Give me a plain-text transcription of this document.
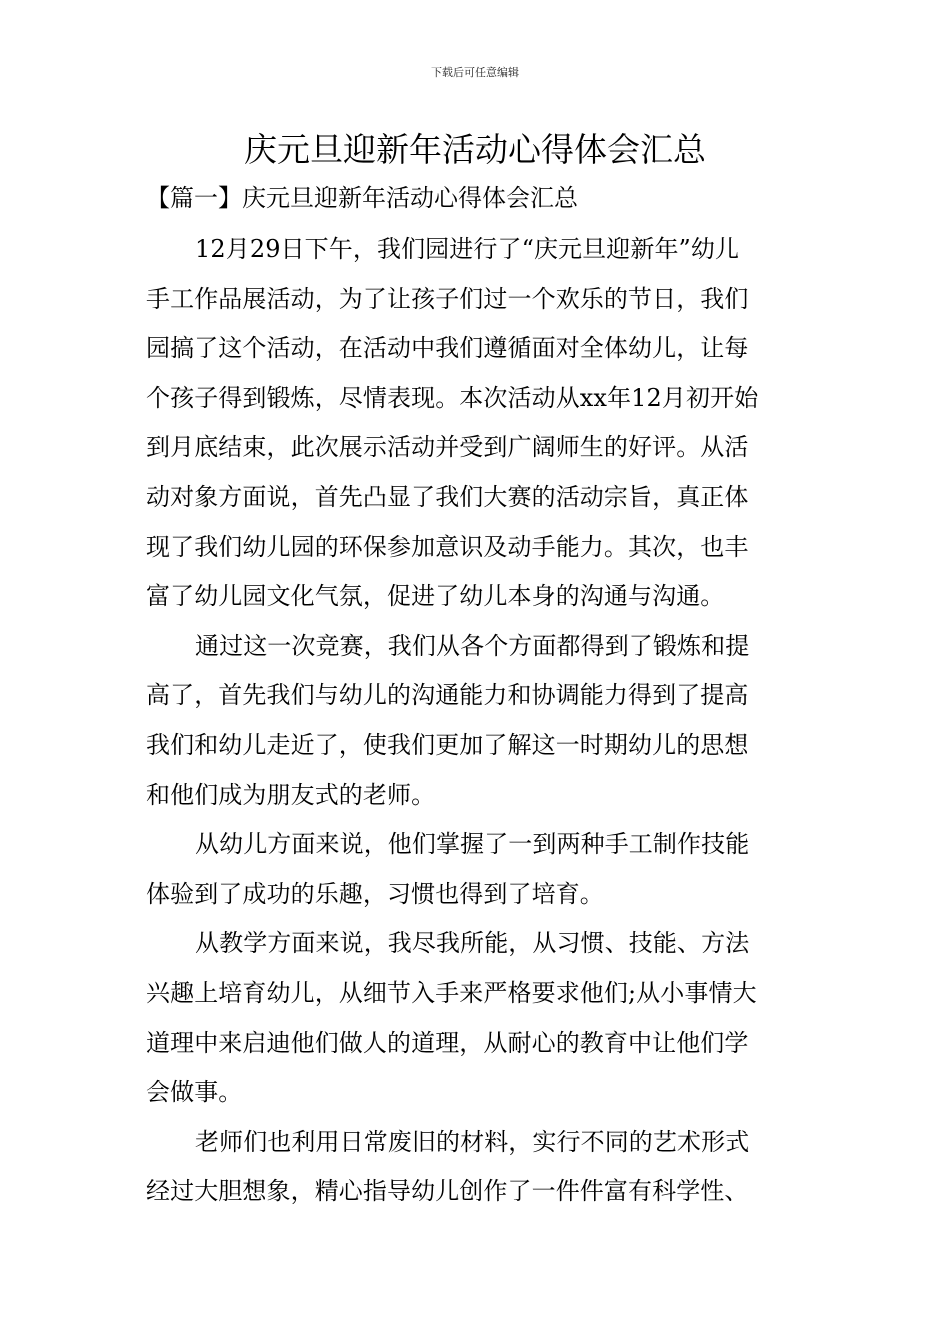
下载后可任意编辑
庆元旦迎新年活动心得体会汇总
【篇一】庆元旦迎新年活动心得体会汇总
12月29日下午，我们园进行了“庆元旦迎新年”幼儿
手工作品展活动，为了让孩子们过一个欢乐的节日，我们
园搞了这个活动，在活动中我们遵循面对全体幼儿，让每
个孩子得到锻炼，尽情表现。本次活动从xx年12月初开始
到月底结束，此次展示活动并受到广阔师生的好评。从活
动对象方面说，首先凸显了我们大赛的活动宗旨，真正体
现了我们幼儿园的环保参加意识及动手能力。其次，也丰
富了幼儿园文化气氛，促进了幼儿本身的沟通与沟通。
通过这一次竞赛，我们从各个方面都得到了锻炼和提
高了，首先我们与幼儿的沟通能力和协调能力得到了提高
我们和幼儿走近了，使我们更加了解这一时期幼儿的思想
和他们成为朋友式的老师。
从幼儿方面来说，他们掌握了一到两种手工制作技能
体验到了成功的乐趣，习惯也得到了培育。
从教学方面来说，我尽我所能，从习惯、技能、方法
兴趣上培育幼儿，从细节入手来严格要求他们;从小事情大
道理中来启迪他们做人的道理，从耐心的教育中让他们学
会做事。
老师们也利用日常废旧的材料，实行不同的艺术形式
经过大胆想象，精心指导幼儿创作了一件件富有科学性、
